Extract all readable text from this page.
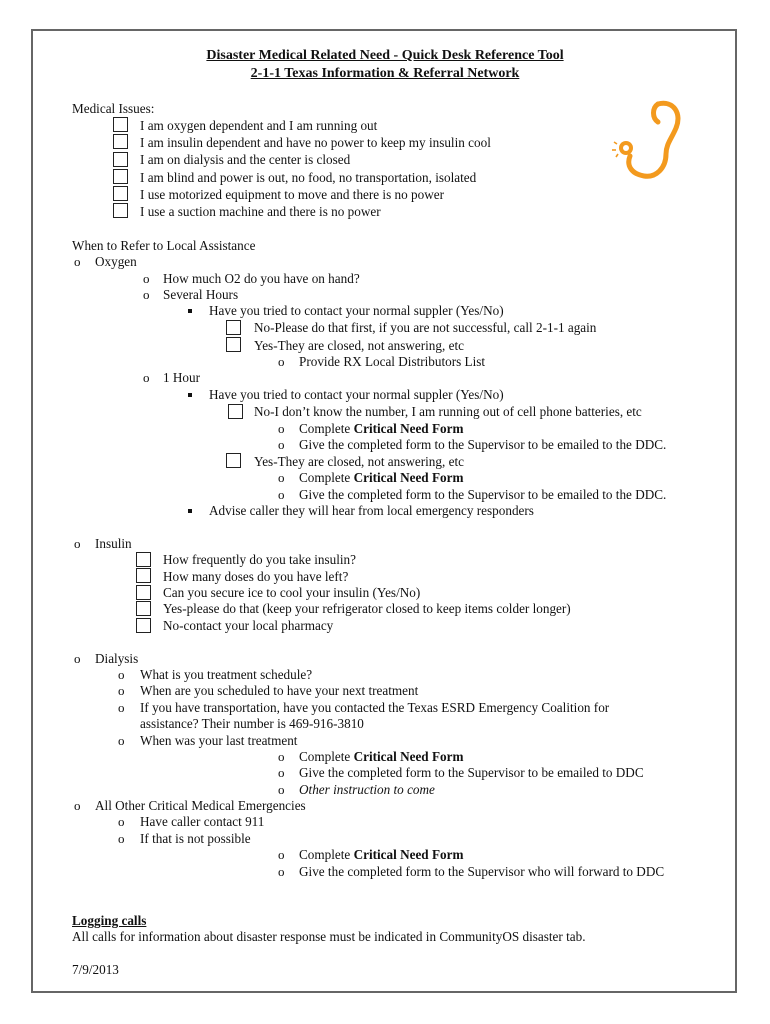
Disaster Medical Related Need - Quick Desk Reference Tool
2-1-1 Texas Information & Referral Network
Medical Issues:
I am oxygen dependent and I am running out
I am insulin dependent and have no power to keep my insulin cool
I am on dialysis and the center is closed
I am blind and power is out, no food, no transportation, isolated
I use motorized equipment to move and there is no power
I use a suction machine and there is no power
When to Refer to Local Assistance
o Oxygen
o How much O2 do you have on hand?
o Several Hours
Have you tried to contact your normal suppler (Yes/No)
No-Please do that first, if you are not successful, call 2-1-1 again
Yes-They are closed, not answering, etc
o Provide RX Local Distributors List
o 1 Hour
Have you tried to contact your normal suppler (Yes/No)
No-I don’t know the number, I am running out of cell phone batteries, etc
o Complete Critical Need Form
o Give the completed form to the Supervisor to be emailed to the DDC.
Yes-They are closed, not answering, etc
o Complete Critical Need Form
o Give the completed form to the Supervisor to be emailed to the DDC.
Advise caller they will hear from local emergency responders
o Insulin
How frequently do you take insulin?
How many doses do you have left?
Can you secure ice to cool your insulin (Yes/No)
Yes-please do that (keep your refrigerator closed to keep items colder longer)
No-contact your local pharmacy
o Dialysis
o What is you treatment schedule?
o When are you scheduled to have your next treatment
o If you have transportation, have you contacted the Texas ESRD Emergency Coalition for
assistance? Their number is 469-916-3810
o When was your last treatment
o Complete Critical Need Form
o Give the completed form to the Supervisor to be emailed to DDC
o Other instruction to come
o All Other Critical Medical Emergencies
o Have caller contact 911
o If that is not possible
o Complete Critical Need Form
o Give the completed form to the Supervisor who will forward to DDC
Logging calls
All calls for information about disaster response must be indicated in CommunityOS disaster tab.
7/9/2013
